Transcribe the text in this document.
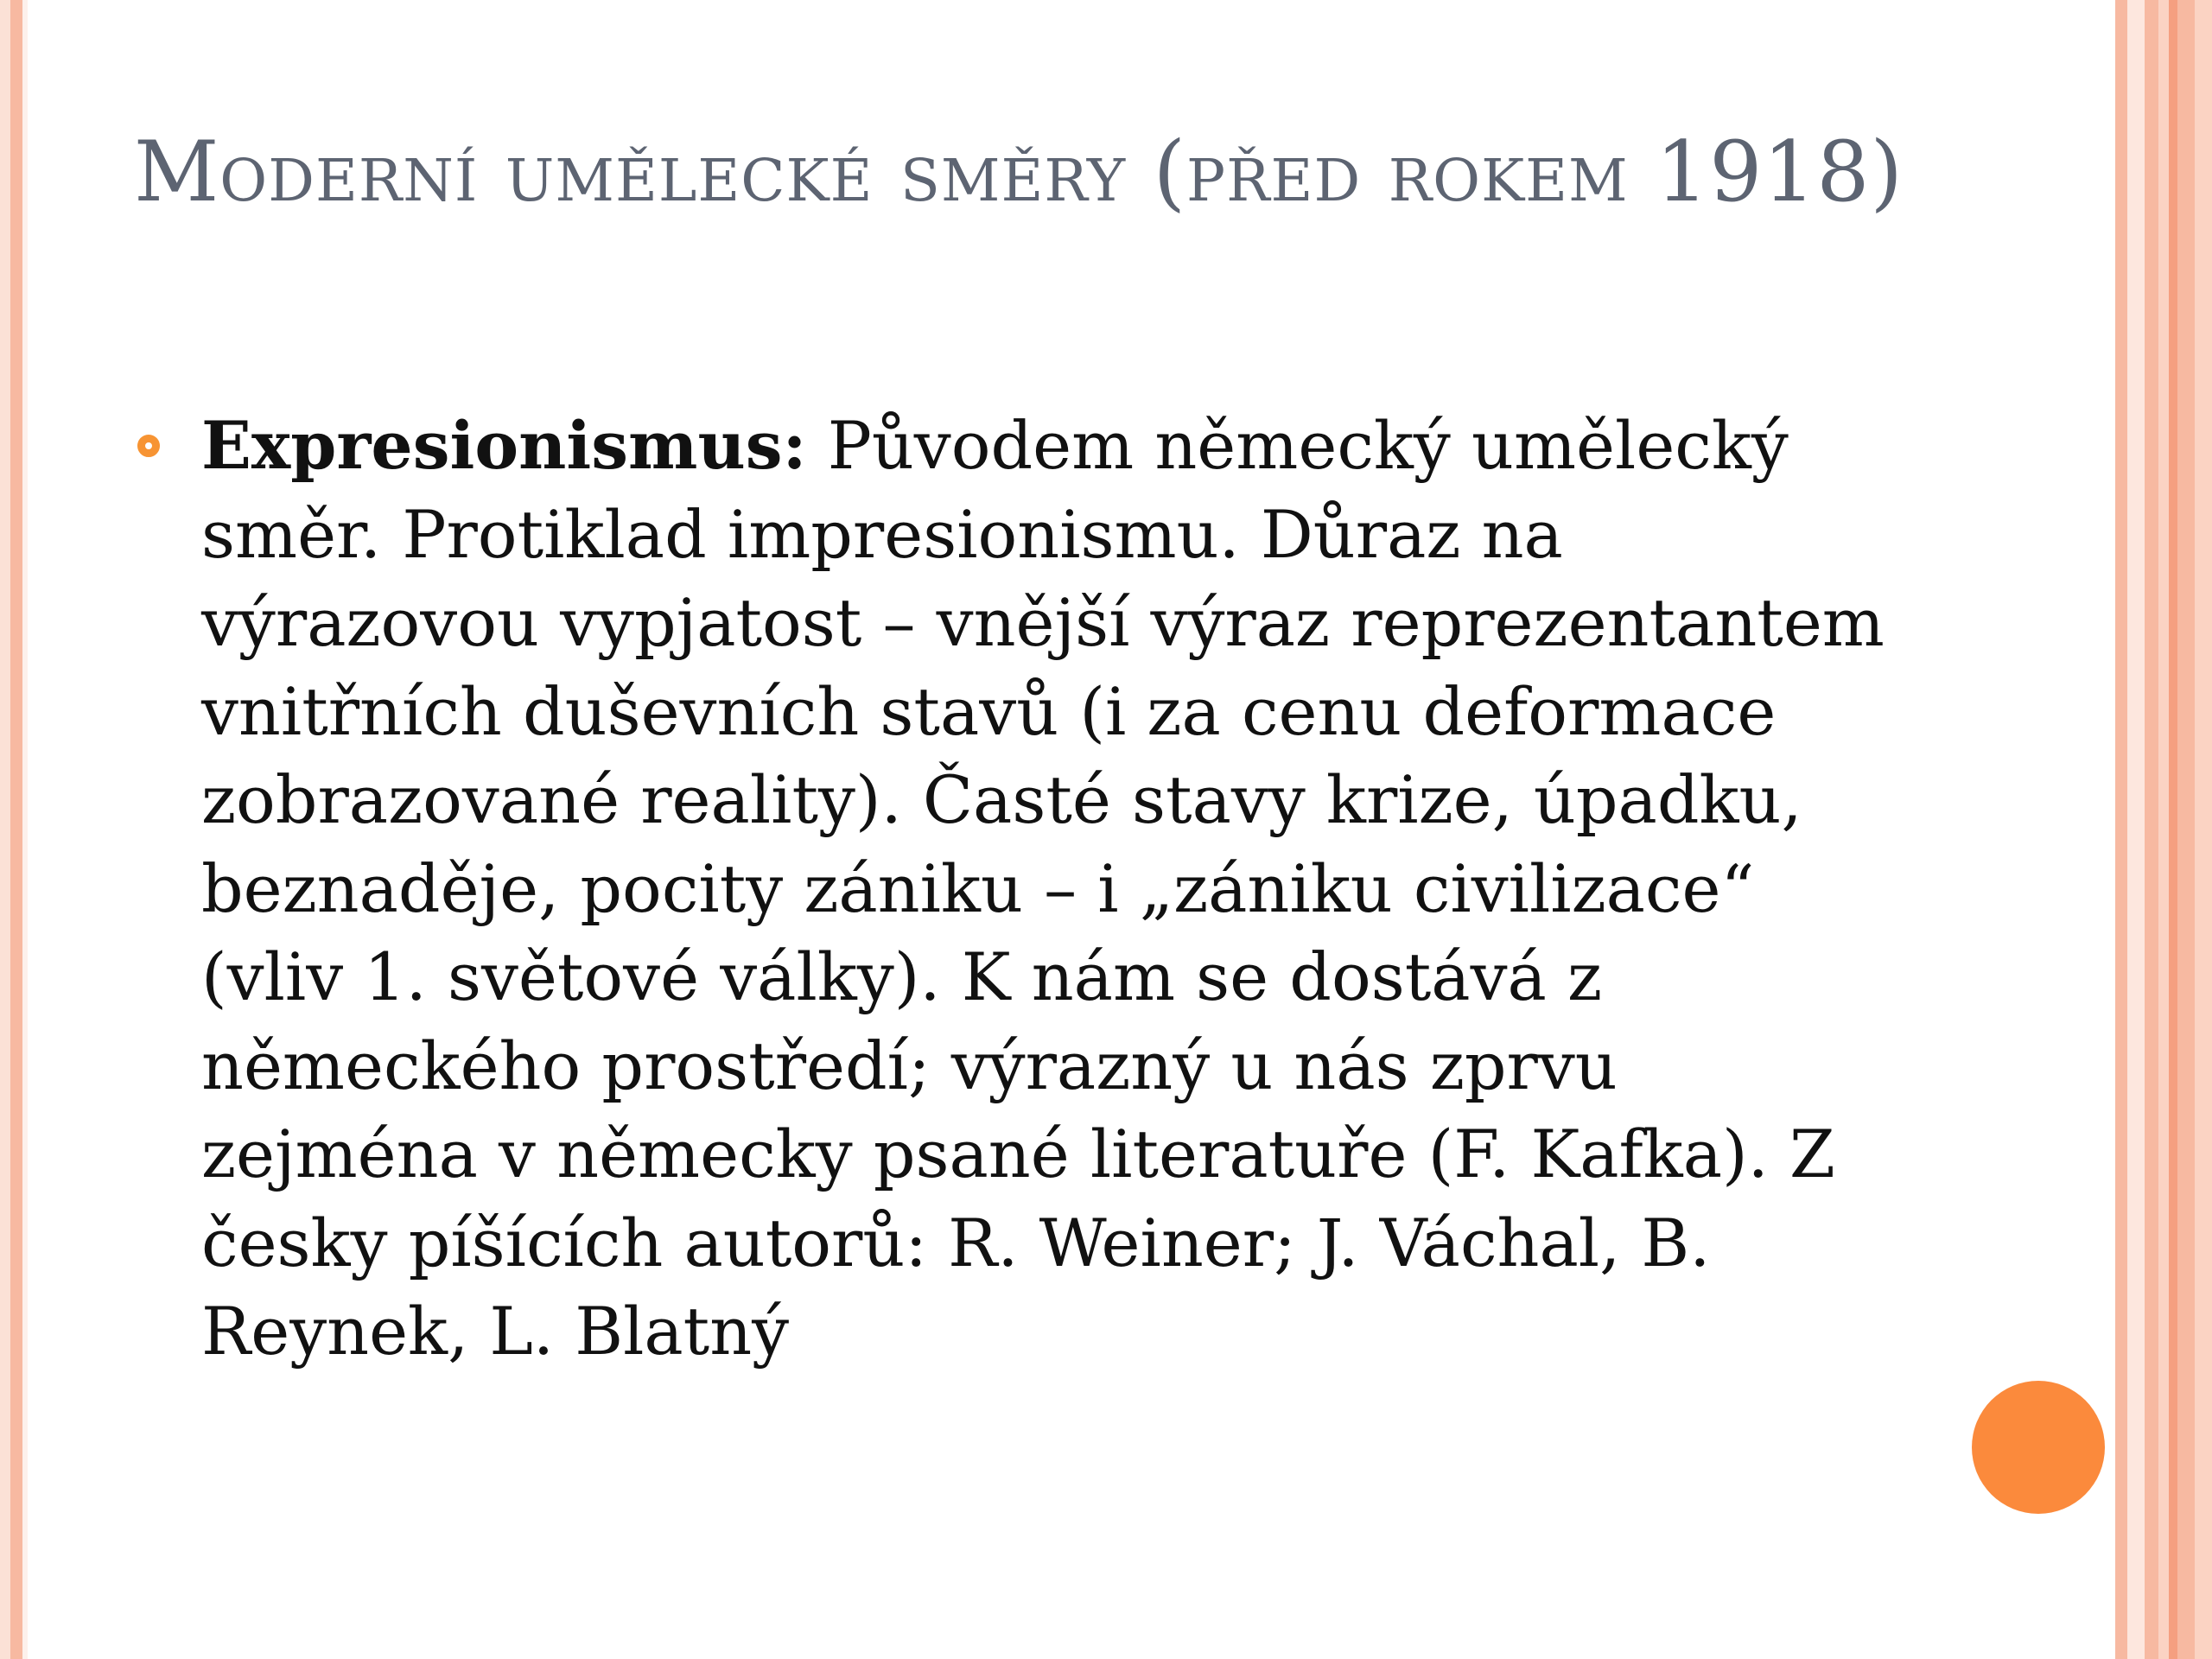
Moderní umělecké směry (před rokem 1918)
Expresionismus: Původem německý umělecký směr. Protiklad impresionismu. Důraz na výrazovou vypjatost – vnější výraz reprezentantem vnitřních duševních stavů (i za cenu deformace zobrazované reality). Časté stavy krize, úpadku, beznaděje, pocity zániku – i „zániku civilizace“ (vliv 1. světové války). K nám se dostává z německého prostředí; výrazný u nás zprvu zejména v německy psané literatuře (F. Kafka). Z česky píšících autorů: R. Weiner; J. Váchal, B. Reynek, L. Blatný
